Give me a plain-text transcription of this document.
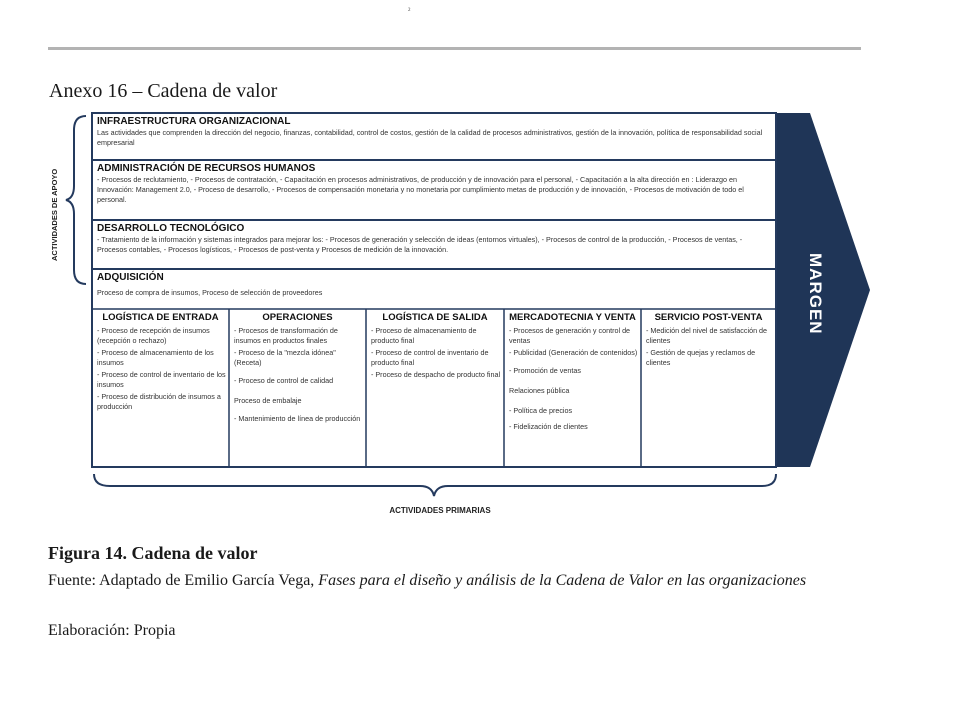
²
Anexo 16 – Cadena de valor
INFRAESTRUCTURA ORGANIZACIONAL
Las actividades que comprenden la dirección del negocio, finanzas, contabilidad, control de costos, gestión de la calidad de procesos administrativos, gestión de la innovación, política de responsabilidad social empresarial
ADMINISTRACIÓN DE RECURSOS HUMANOS
- Procesos de reclutamiento, - Procesos de contratación, - Capacitación en procesos administrativos, de producción y de innovación para el personal, - Capacitación a la alta dirección en : Liderazgo en Innovación: Management 2.0, - Proceso de desarrollo, - Procesos de compensación monetaria y no monetaria por cumplimiento metas de producción y de innovación, - Procesos de motivación de todo el personal.
DESARROLLO TECNOLÓGICO
- Tratamiento de la información y sistemas integrados para mejorar los: - Procesos de generación y selección de ideas (entornos virtuales), - Procesos de control de la producción, - Procesos de ventas, - Procesos contables, - Procesos logísticos, - Procesos de post-venta y Procesos de medición de la innovación.
ADQUISICIÓN
Proceso de compra de insumos, Proceso de selección de proveedores
LOGÍSTICA DE ENTRADA
- Proceso de recepción de insumos (recepción o rechazo)
- Proceso de almacenamiento de los insumos
- Proceso de control de inventario de los insumos
- Proceso de distribución de insumos a producción
OPERACIONES
- Procesos de transformación de insumos en productos finales
- Proceso de la "mezcla idónea" (Receta)
- Proceso de control de calidad
Proceso de embalaje
- Mantenimiento de línea de producción
LOGÍSTICA DE SALIDA
- Proceso de almacenamiento de producto final
- Proceso de control de inventario de producto final
- Proceso de despacho de producto final
MERCADOTECNIA Y VENTA
- Procesos de generación y control de ventas
- Publicidad (Generación de contenidos)
- Promoción de ventas
Relaciones pública
- Política de precios
- Fidelización de clientes
SERVICIO POST-VENTA
- Medición del nivel de satisfacción de clientes
- Gestión de quejas y reclamos de clientes
MARGEN
ACTIVIDADES DE APOYO
ACTIVIDADES PRIMARIAS
Figura 14. Cadena de valor
Fuente: Adaptado de Emilio García Vega, Fases para el diseño y análisis de la Cadena de Valor en las organizaciones
Elaboración: Propia
